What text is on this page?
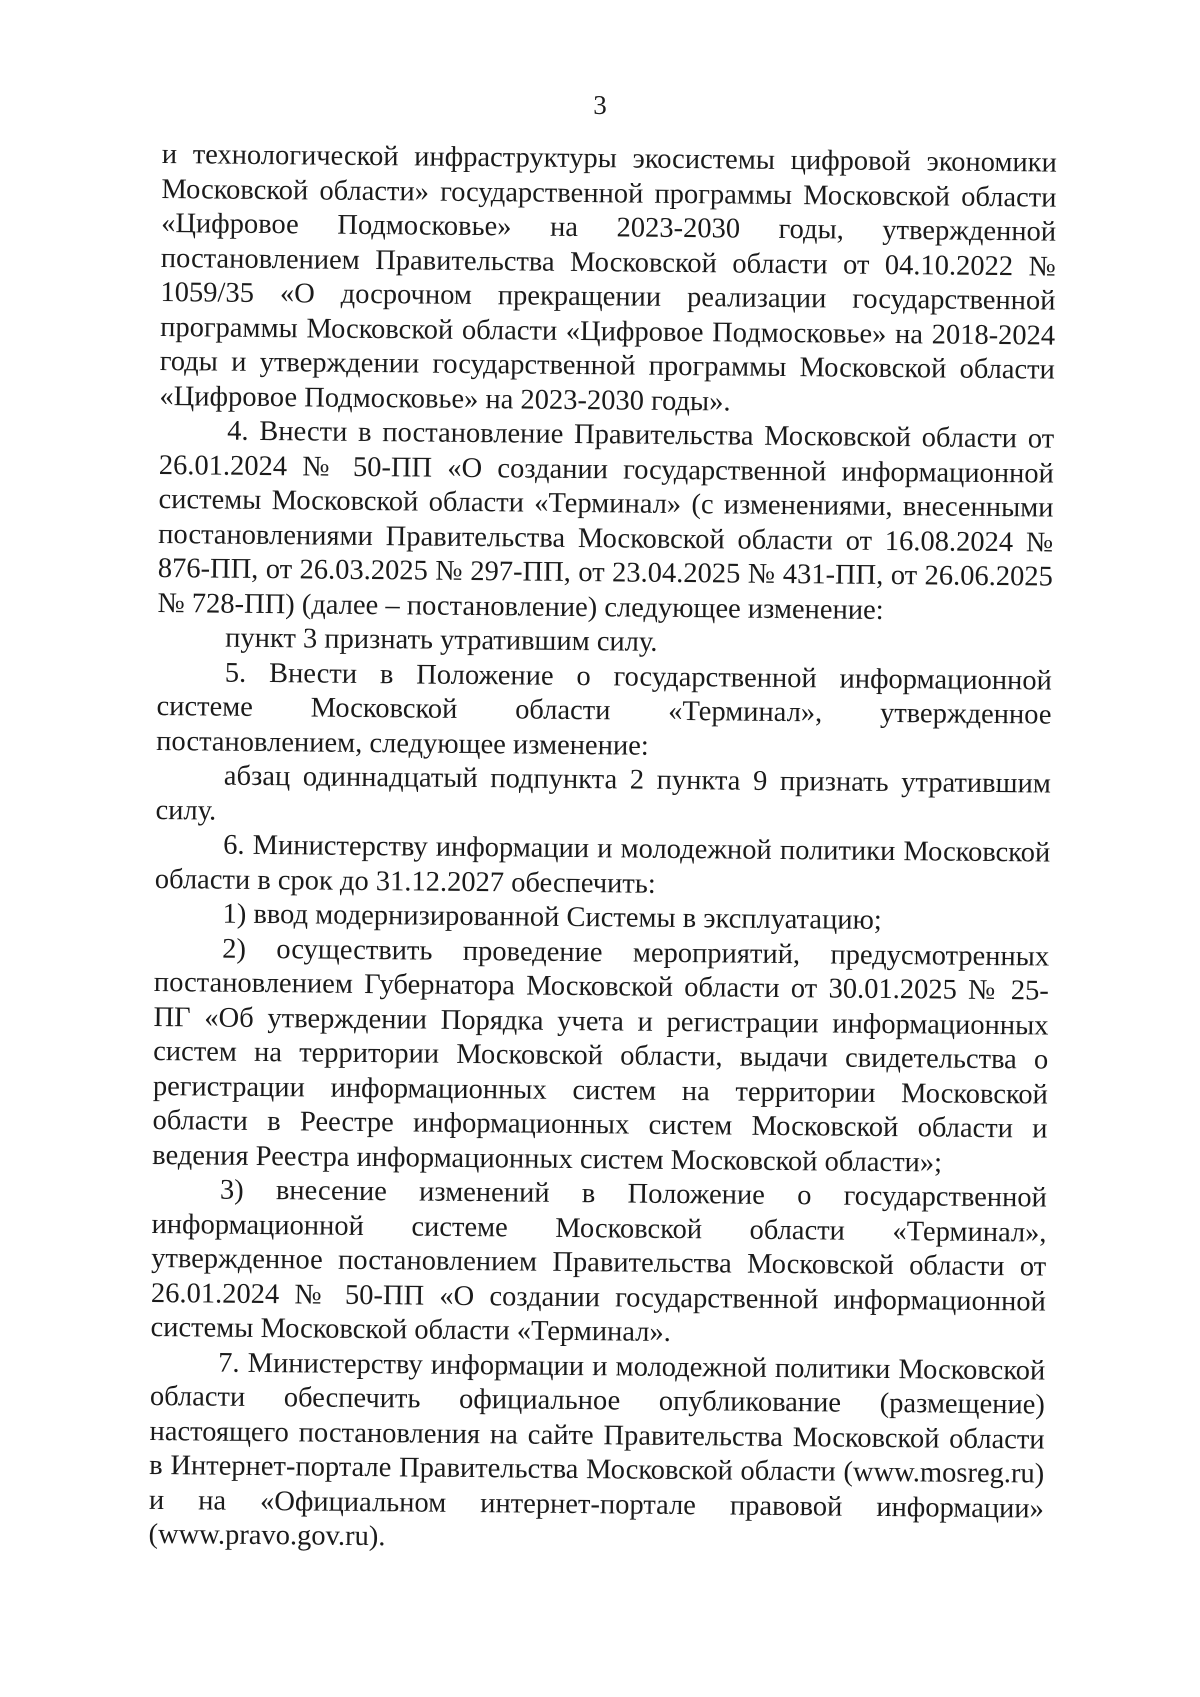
3

и технологической инфраструктуры экосистемы цифровой экономики Московской области» государственной программы Московской области «Цифровое Подмосковье» на 2023-2030 годы, утвержденной постановлением Правительства Московской области от 04.10.2022 № 1059/35 «О досрочном прекращении реализации государственной программы Московской области «Цифровое Подмосковье» на 2018-2024 годы и утверждении государственной программы Московской области «Цифровое Подмосковье» на 2023-2030 годы».

4. Внести в постановление Правительства Московской области от 26.01.2024 № 50-ПП «О создании государственной информационной системы Московской области «Терминал» (с изменениями, внесенными постановлениями Правительства Московской области от 16.08.2024 № 876-ПП, от 26.03.2025 № 297-ПП, от 23.04.2025 № 431-ПП, от 26.06.2025 № 728-ПП) (далее – постановление) следующее изменение:

пункт 3 признать утратившим силу.

5. Внести в Положение о государственной информационной системе Московской области «Терминал», утвержденное постановлением, следующее изменение:

абзац одиннадцатый подпункта 2 пункта 9 признать утратившим силу.

6. Министерству информации и молодежной политики Московской области в срок до 31.12.2027 обеспечить:

1) ввод модернизированной Системы в эксплуатацию;

2) осуществить проведение мероприятий, предусмотренных постановлением Губернатора Московской области от 30.01.2025 № 25-ПГ «Об утверждении Порядка учета и регистрации информационных систем на территории Московской области, выдачи свидетельства о регистрации информационных систем на территории Московской области в Реестре информационных систем Московской области и ведения Реестра информационных систем Московской области»;

3) внесение изменений в Положение о государственной информационной системе Московской области «Терминал», утвержденное постановлением Правительства Московской области от 26.01.2024 № 50-ПП «О создании государственной информационной системы Московской области «Терминал».

7. Министерству информации и молодежной политики Московской области обеспечить официальное опубликование (размещение) настоящего постановления на сайте Правительства Московской области в Интернет-портале Правительства Московской области (www.mosreg.ru) и на «Официальном интернет-портале правовой информации» (www.pravo.gov.ru).
